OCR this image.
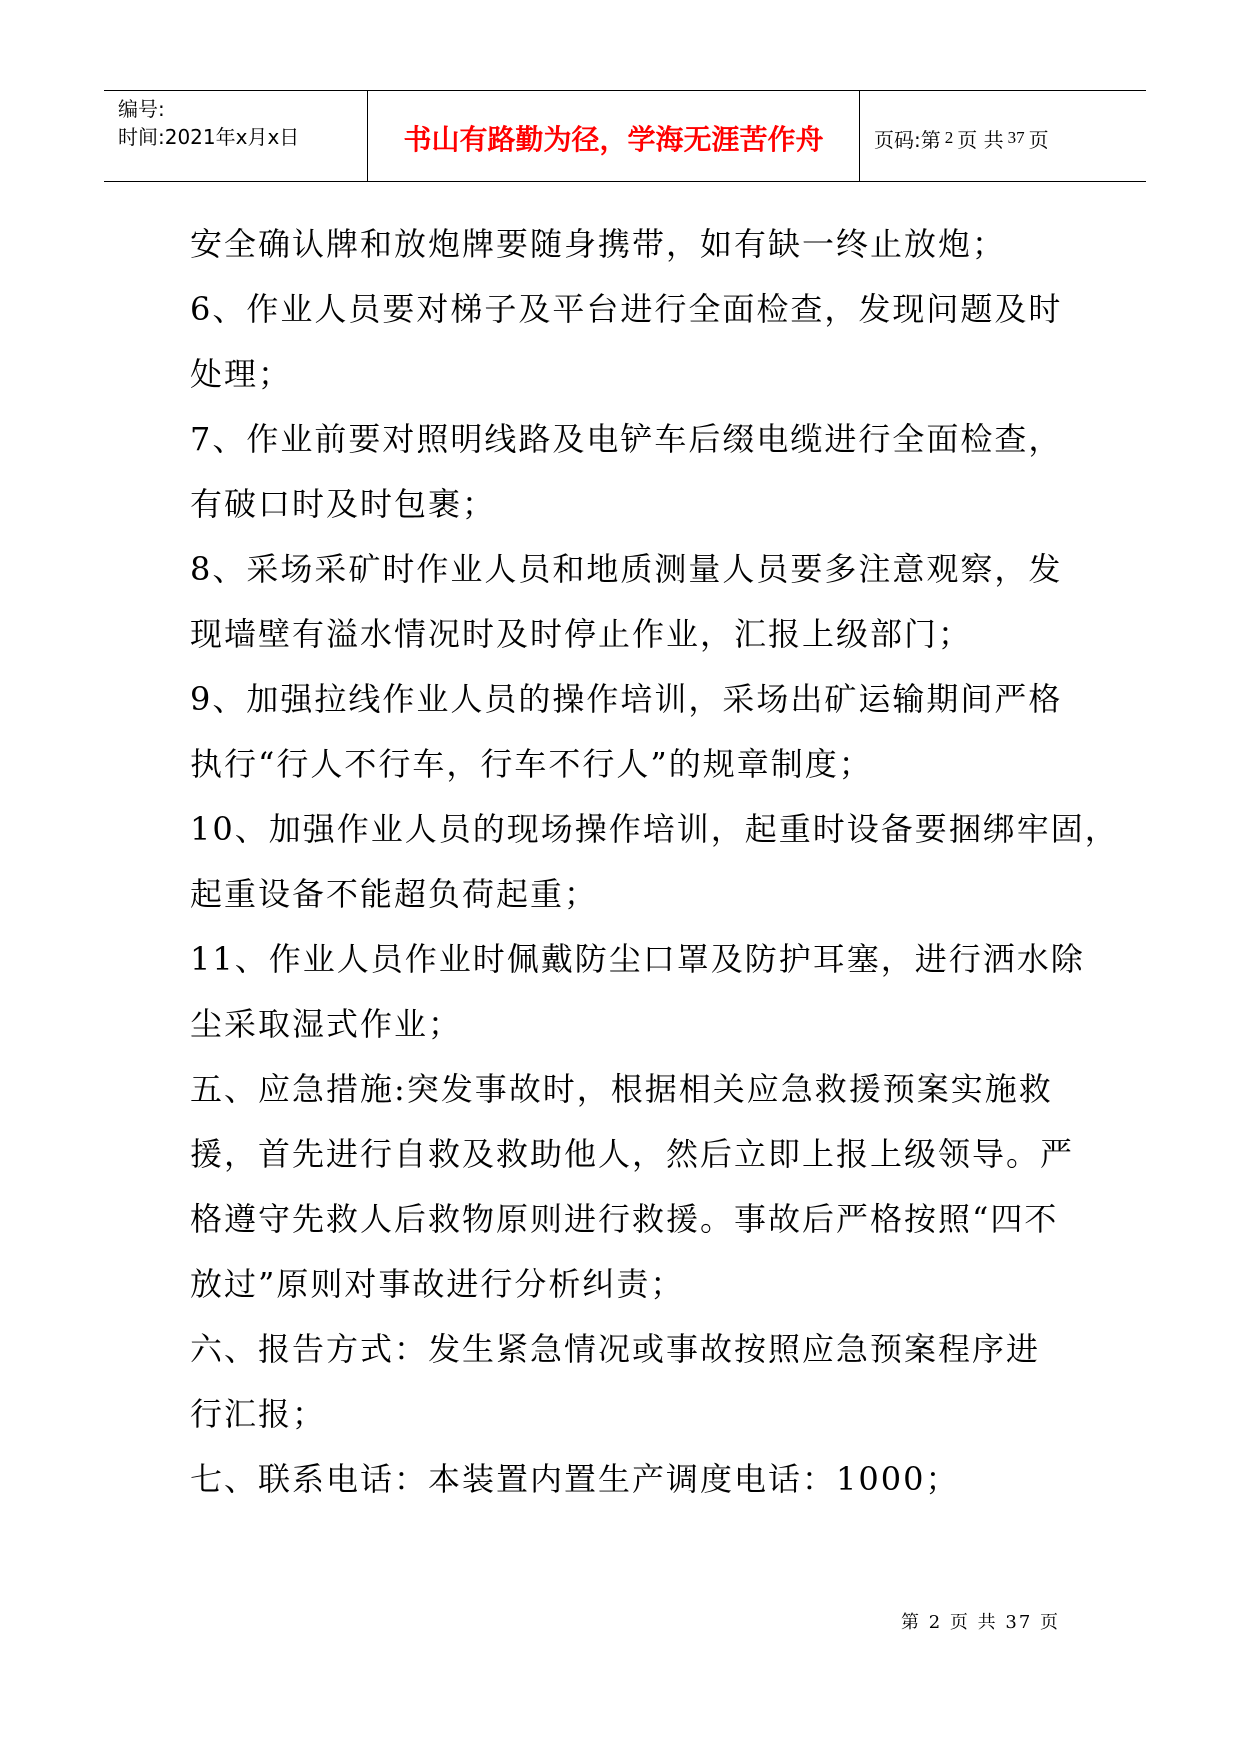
编号:
时间:2021年x月x日	书山有路勤为径，学海无涯苦作舟	页码:第 2 页 共 37 页

安全确认牌和放炮牌要随身携带，如有缺一终止放炮；

6、作业人员要对梯子及平台进行全面检查，发现问题及时

处理；

7、作业前要对照明线路及电铲车后缀电缆进行全面检查，

有破口时及时包裹；

8、采场采矿时作业人员和地质测量人员要多注意观察，发

现墙壁有溢水情况时及时停止作业，汇报上级部门；

9、加强拉线作业人员的操作培训，采场出矿运输期间严格

执行“行人不行车，行车不行人”的规章制度；

10、加强作业人员的现场操作培训，起重时设备要捆绑牢固，

起重设备不能超负荷起重；

11、作业人员作业时佩戴防尘口罩及防护耳塞，进行洒水除

尘采取湿式作业；

五、应急措施:突发事故时，根据相关应急救援预案实施救

援，首先进行自救及救助他人，然后立即上报上级领导。严

格遵守先救人后救物原则进行救援。事故后严格按照“四不

放过”原则对事故进行分析纠责；

六、报告方式：发生紧急情况或事故按照应急预案程序进

行汇报；

七、联系电话：本装置内置生产调度电话：1000；

第 2 页 共 37 页
